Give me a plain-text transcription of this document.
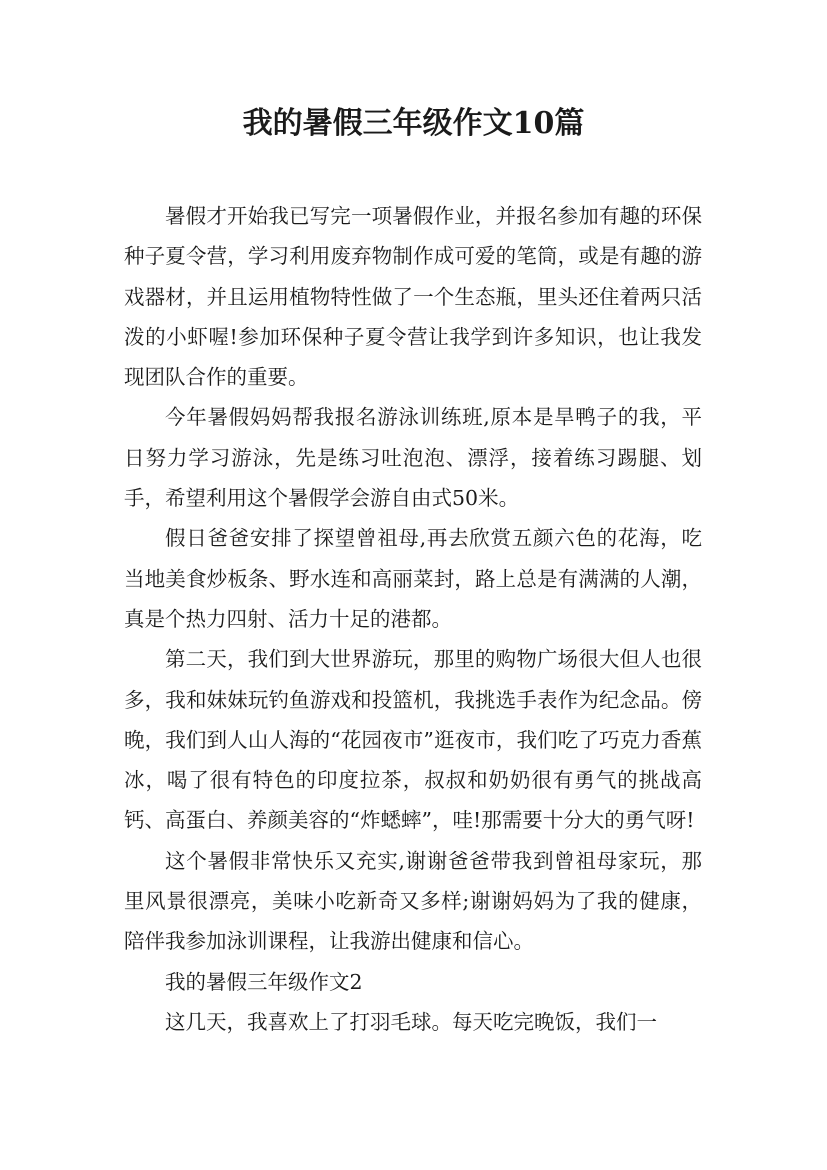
我的暑假三年级作文10篇

暑假才开始我已写完一项暑假作业，并报名参加有趣的环保种子夏令营，学习利用废弃物制作成可爱的笔筒，或是有趣的游戏器材，并且运用植物特性做了一个生态瓶，里头还住着两只活泼的小虾喔!参加环保种子夏令营让我学到许多知识，也让我发现团队合作的重要。

今年暑假妈妈帮我报名游泳训练班,原本是旱鸭子的我，平日努力学习游泳，先是练习吐泡泡、漂浮，接着练习踢腿、划手，希望利用这个暑假学会游自由式50米。

假日爸爸安排了探望曾祖母,再去欣赏五颜六色的花海，吃当地美食炒板条、野水连和高丽菜封，路上总是有满满的人潮，真是个热力四射、活力十足的港都。

第二天，我们到大世界游玩，那里的购物广场很大但人也很多，我和妹妹玩钓鱼游戏和投篮机，我挑选手表作为纪念品。傍晚，我们到人山人海的“花园夜市”逛夜市，我们吃了巧克力香蕉冰，喝了很有特色的印度拉茶，叔叔和奶奶很有勇气的挑战高钙、高蛋白、养颜美容的“炸蟋蟀”，哇!那需要十分大的勇气呀!

这个暑假非常快乐又充实,谢谢爸爸带我到曾祖母家玩，那里风景很漂亮，美味小吃新奇又多样;谢谢妈妈为了我的健康，陪伴我参加泳训课程，让我游出健康和信心。

我的暑假三年级作文2

这几天，我喜欢上了打羽毛球。每天吃完晚饭，我们一
